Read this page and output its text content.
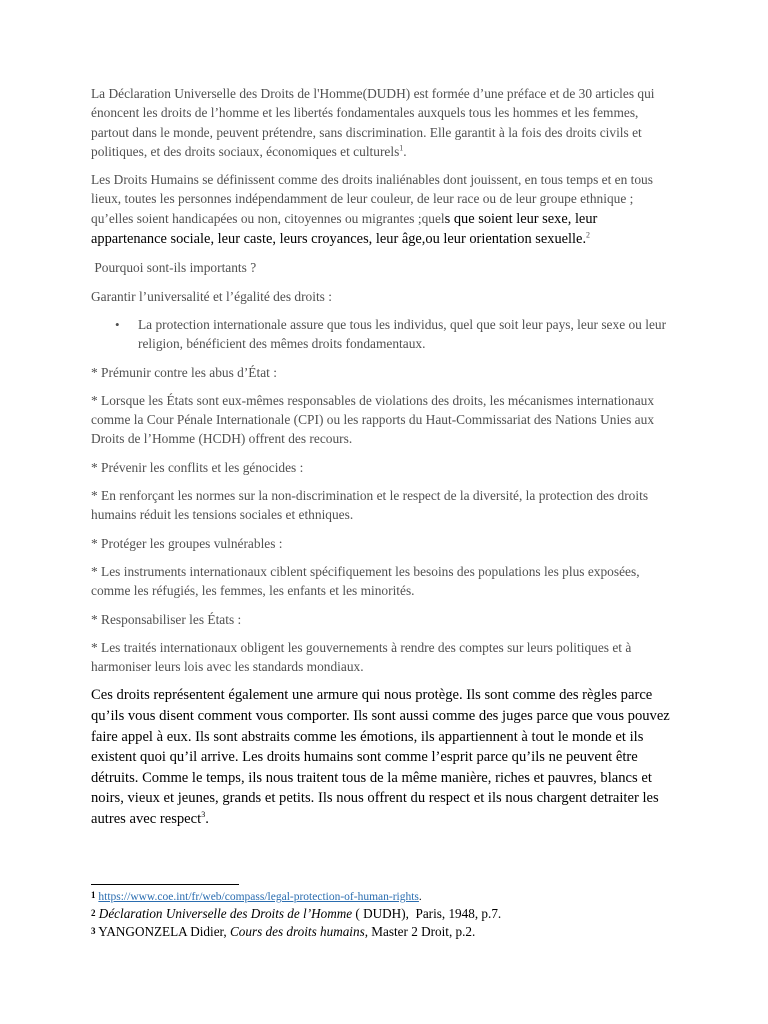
La Déclaration Universelle des Droits de l'Homme(DUDH) est formée d’une préface et de 30 articles qui énoncent les droits de l’homme et les libertés fondamentales auxquels tous les hommes et les femmes, partout dans le monde, peuvent prétendre, sans discrimination. Elle garantit à la fois des droits civils et politiques, et des droits sociaux, économiques et culturels$^1$.

Les Droits Humains se définissent comme des droits inaliénables dont jouissent, en tous temps et en tous lieux, toutes les personnes indépendamment de leur couleur, de leur race ou de leur groupe ethnique ; qu’elles soient handicapées ou non, citoyennes ou migrantes ;quels que soient leur sexe, leur appartenance sociale, leur caste, leurs croyances, leur âge,ou leur orientation sexuelle.$^2$

Pourquoi sont-ils importants ?

Garantir l’universalité et l’égalité des droits :

•	La protection internationale assure que tous les individus, quel que soit leur pays, leur sexe ou leur religion, bénéficient des mêmes droits fondamentaux.

* Prémunir contre les abus d’État :

* Lorsque les États sont eux-mêmes responsables de violations des droits, les mécanismes internationaux comme la Cour Pénale Internationale (CPI) ou les rapports du Haut-Commissariat des Nations Unies aux Droits de l’Homme (HCDH) offrent des recours.

* Prévenir les conflits et les génocides :

* En renforçant les normes sur la non-discrimination et le respect de la diversité, la protection des droits humains réduit les tensions sociales et ethniques.

* Protéger les groupes vulnérables :

* Les instruments internationaux ciblent spécifiquement les besoins des populations les plus exposées, comme les réfugiés, les femmes, les enfants et les minorités.

* Responsabiliser les États :

* Les traités internationaux obligent les gouvernements à rendre des comptes sur leurs politiques et à harmoniser leurs lois avec les standards mondiaux.

Ces droits représentent également une armure qui nous protège. Ils sont comme des règles parce qu’ils vous disent comment vous comporter. Ils sont aussi comme des juges parce que vous pouvez faire appel à eux. Ils sont abstraits comme les émotions, ils appartiennent à tout le monde et ils existent quoi qu’il arrive. Les droits humains sont comme l’esprit parce qu’ils ne peuvent être détruits. Comme le temps, ils nous traitent tous de la même manière, riches et pauvres, blancs et noirs, vieux et jeunes, grands et petits. Ils nous offrent du respect et ils nous chargent detraiter les autres avec respect$^3$.

1 https://www.coe.int/fr/web/compass/legal-protection-of-human-rights.
2 Déclaration Universelle des Droits de l’Homme ( DUDH),  Paris, 1948, p.7.
3 YANGONZELA Didier, Cours des droits humains, Master 2 Droit, p.2.
